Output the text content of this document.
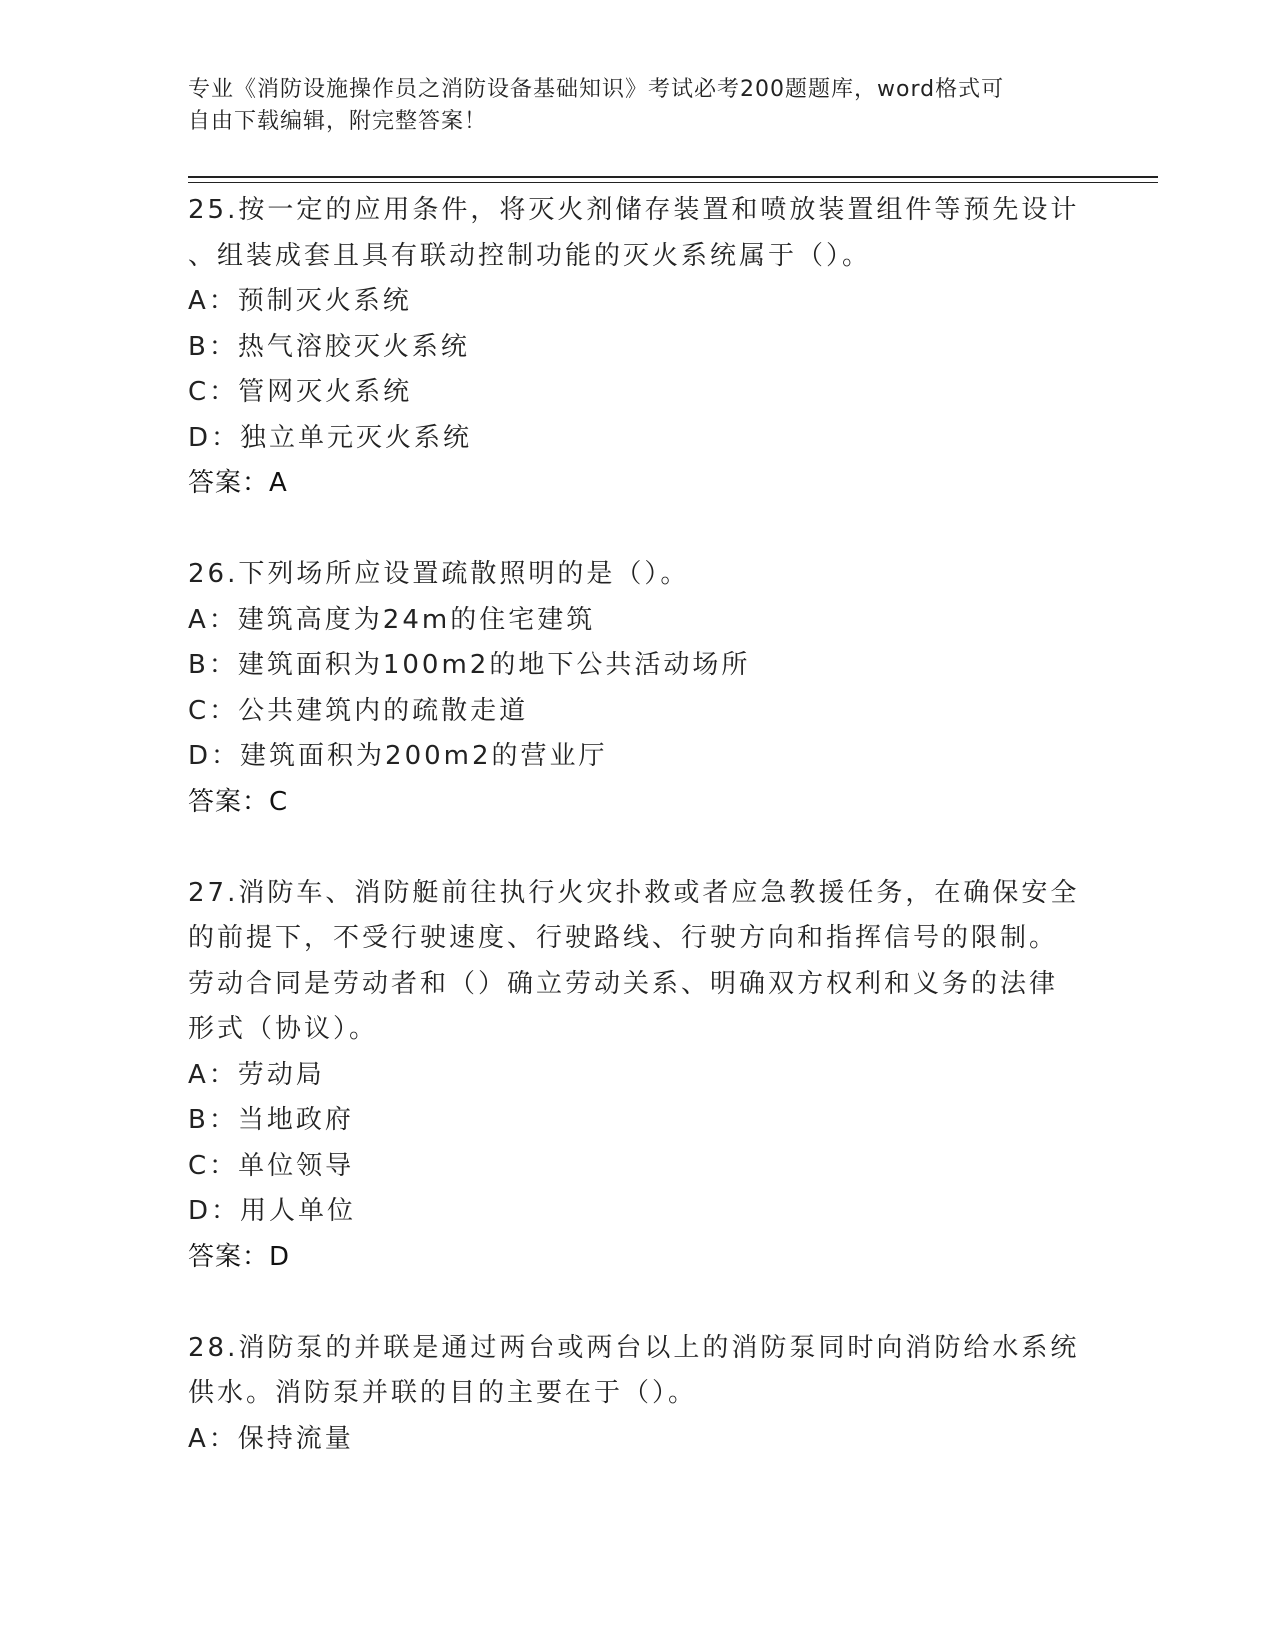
专业《消防设施操作员之消防设备基础知识》考试必考200题题库，word格式可
自由下载编辑，附完整答案！
25.按一定的应用条件，将灭火剂储存装置和喷放装置组件等预先设计
、组装成套且具有联动控制功能的灭火系统属于（）。
A：预制灭火系统
B：热气溶胶灭火系统
C：管网灭火系统
D：独立单元灭火系统
答案：A
26.下列场所应设置疏散照明的是（）。
A：建筑高度为24m的住宅建筑
B：建筑面积为100m2的地下公共活动场所
C：公共建筑内的疏散走道
D：建筑面积为200m2的营业厅
答案：C
27.消防车、消防艇前往执行火灾扑救或者应急教援任务，在确保安全
的前提下，不受行驶速度、行驶路线、行驶方向和指挥信号的限制。
劳动合同是劳动者和（）确立劳动关系、明确双方权利和义务的法律
形式（协议）。
A：劳动局
B：当地政府
C：单位领导
D：用人单位
答案：D
28.消防泵的并联是通过两台或两台以上的消防泵同时向消防给水系统
供水。消防泵并联的目的主要在于（）。
A：保持流量
